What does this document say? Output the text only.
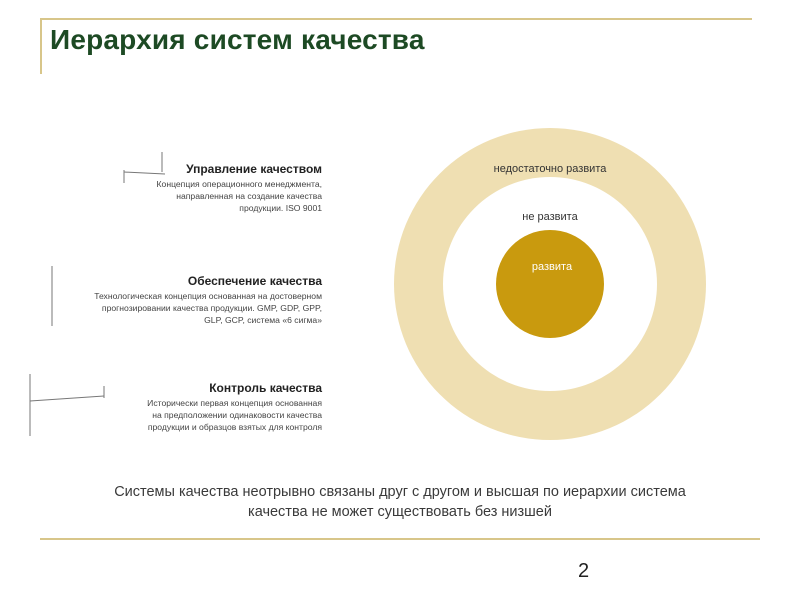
Иерархия систем качества
недостаточно развита
не развита
развита
Управление качеством
Концепция операционного менеджмента,
направленная на создание качества
продукции. ISO 9001
Обеспечение качества
Технологическая концепция основанная на достоверном
прогнозировании качества продукции. GMP, GDP, GPP,
GLP, GCP, система «6 сигма»
Контроль качества
Исторически первая концепция основанная
на предположении одинаковости качества
продукции и образцов взятых для контроля
Системы качества неотрывно связаны друг с другом и высшая по иерархии система
качества не может существовать без низшей
2
